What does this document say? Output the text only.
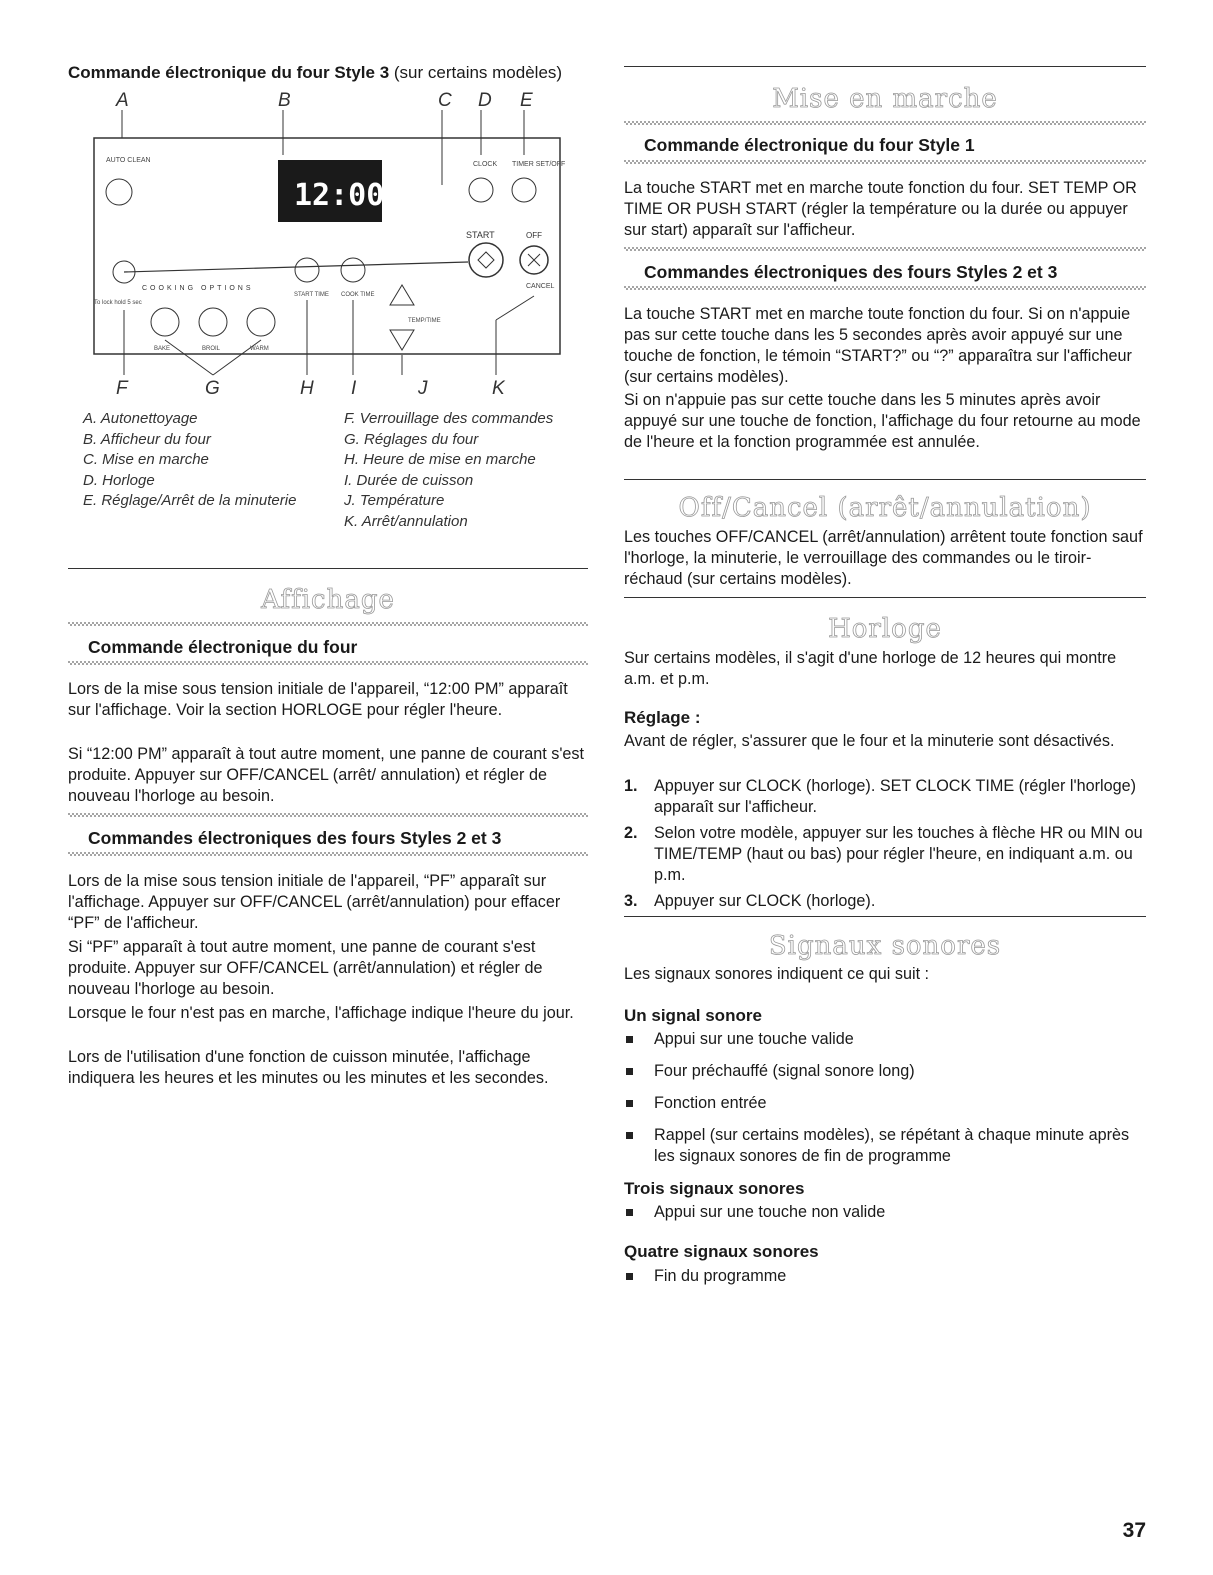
Commande électronique du four Style 3 (sur certains modèles)
A	B	C D E
AUTO CLEAN
CLOCK TIMER SET/OFF
12:00
START	OFF
CANCEL
COOKING OPTIONS
To lock hold 5 sec
START TIME COOK TIME
BAKE	BROIL	WARM
TEMP/TIME
F	G	H I	J	K
A. Autonettoyage
B. Afficheur du four
C. Mise en marche
D. Horloge
E. Réglage/Arrêt de la minuterie
F. Verrouillage des commandes
G. Réglages du four
H. Heure de mise en marche
I. Durée de cuisson
J. Température
K. Arrêt/annulation
Affichage
Commande électronique du four
Lors de la mise sous tension initiale de l'appareil, “12:00 PM” apparaît sur l'affichage. Voir la section HORLOGE pour régler l'heure.
Si “12:00 PM” apparaît à tout autre moment, une panne de courant s'est produite. Appuyer sur OFF/CANCEL (arrêt/ annulation) et régler de nouveau l'horloge au besoin.
Commandes électroniques des fours Styles 2 et 3
Lors de la mise sous tension initiale de l'appareil, “PF” apparaît sur l'affichage. Appuyer sur OFF/CANCEL (arrêt/annulation) pour effacer “PF” de l'afficheur.
Si “PF” apparaît à tout autre moment, une panne de courant s'est produite. Appuyer sur OFF/CANCEL (arrêt/annulation) et régler de nouveau l'horloge au besoin.
Lorsque le four n'est pas en marche, l'affichage indique l'heure du jour.
Lors de l'utilisation d'une fonction de cuisson minutée, l'affichage indiquera les heures et les minutes ou les minutes et les secondes.
Mise en marche
Commande électronique du four Style 1
La touche START met en marche toute fonction du four. SET TEMP OR TIME OR PUSH START (régler la température ou la durée ou appuyer sur start) apparaît sur l'afficheur.
Commandes électroniques des fours Styles 2 et 3
La touche START met en marche toute fonction du four. Si on n'appuie pas sur cette touche dans les 5 secondes après avoir appuyé sur une touche de fonction, le témoin “START?” ou “?” apparaîtra sur l'afficheur (sur certains modèles).
Si on n'appuie pas sur cette touche dans les 5 minutes après avoir appuyé sur une touche de fonction, l'affichage du four retourne au mode de l'heure et la fonction programmée est annulée.
Off/Cancel (arrêt/annulation)
Les touches OFF/CANCEL (arrêt/annulation) arrêtent toute fonction sauf l'horloge, la minuterie, le verrouillage des commandes ou le tiroir-réchaud (sur certains modèles).
Horloge
Sur certains modèles, il s'agit d'une horloge de 12 heures qui montre a.m. et p.m.
Réglage :
Avant de régler, s'assurer que le four et la minuterie sont désactivés.
1. Appuyer sur CLOCK (horloge). SET CLOCK TIME (régler l'horloge) apparaît sur l'afficheur.
2. Selon votre modèle, appuyer sur les touches à flèche HR ou MIN ou TIME/TEMP (haut ou bas) pour régler l'heure, en indiquant a.m. ou p.m.
3. Appuyer sur CLOCK (horloge).
Signaux sonores
Les signaux sonores indiquent ce qui suit :
Un signal sonore
Appui sur une touche valide
Four préchauffé (signal sonore long)
Fonction entrée
Rappel (sur certains modèles), se répétant à chaque minute après les signaux sonores de fin de programme
Trois signaux sonores
Appui sur une touche non valide
Quatre signaux sonores
Fin du programme
37
